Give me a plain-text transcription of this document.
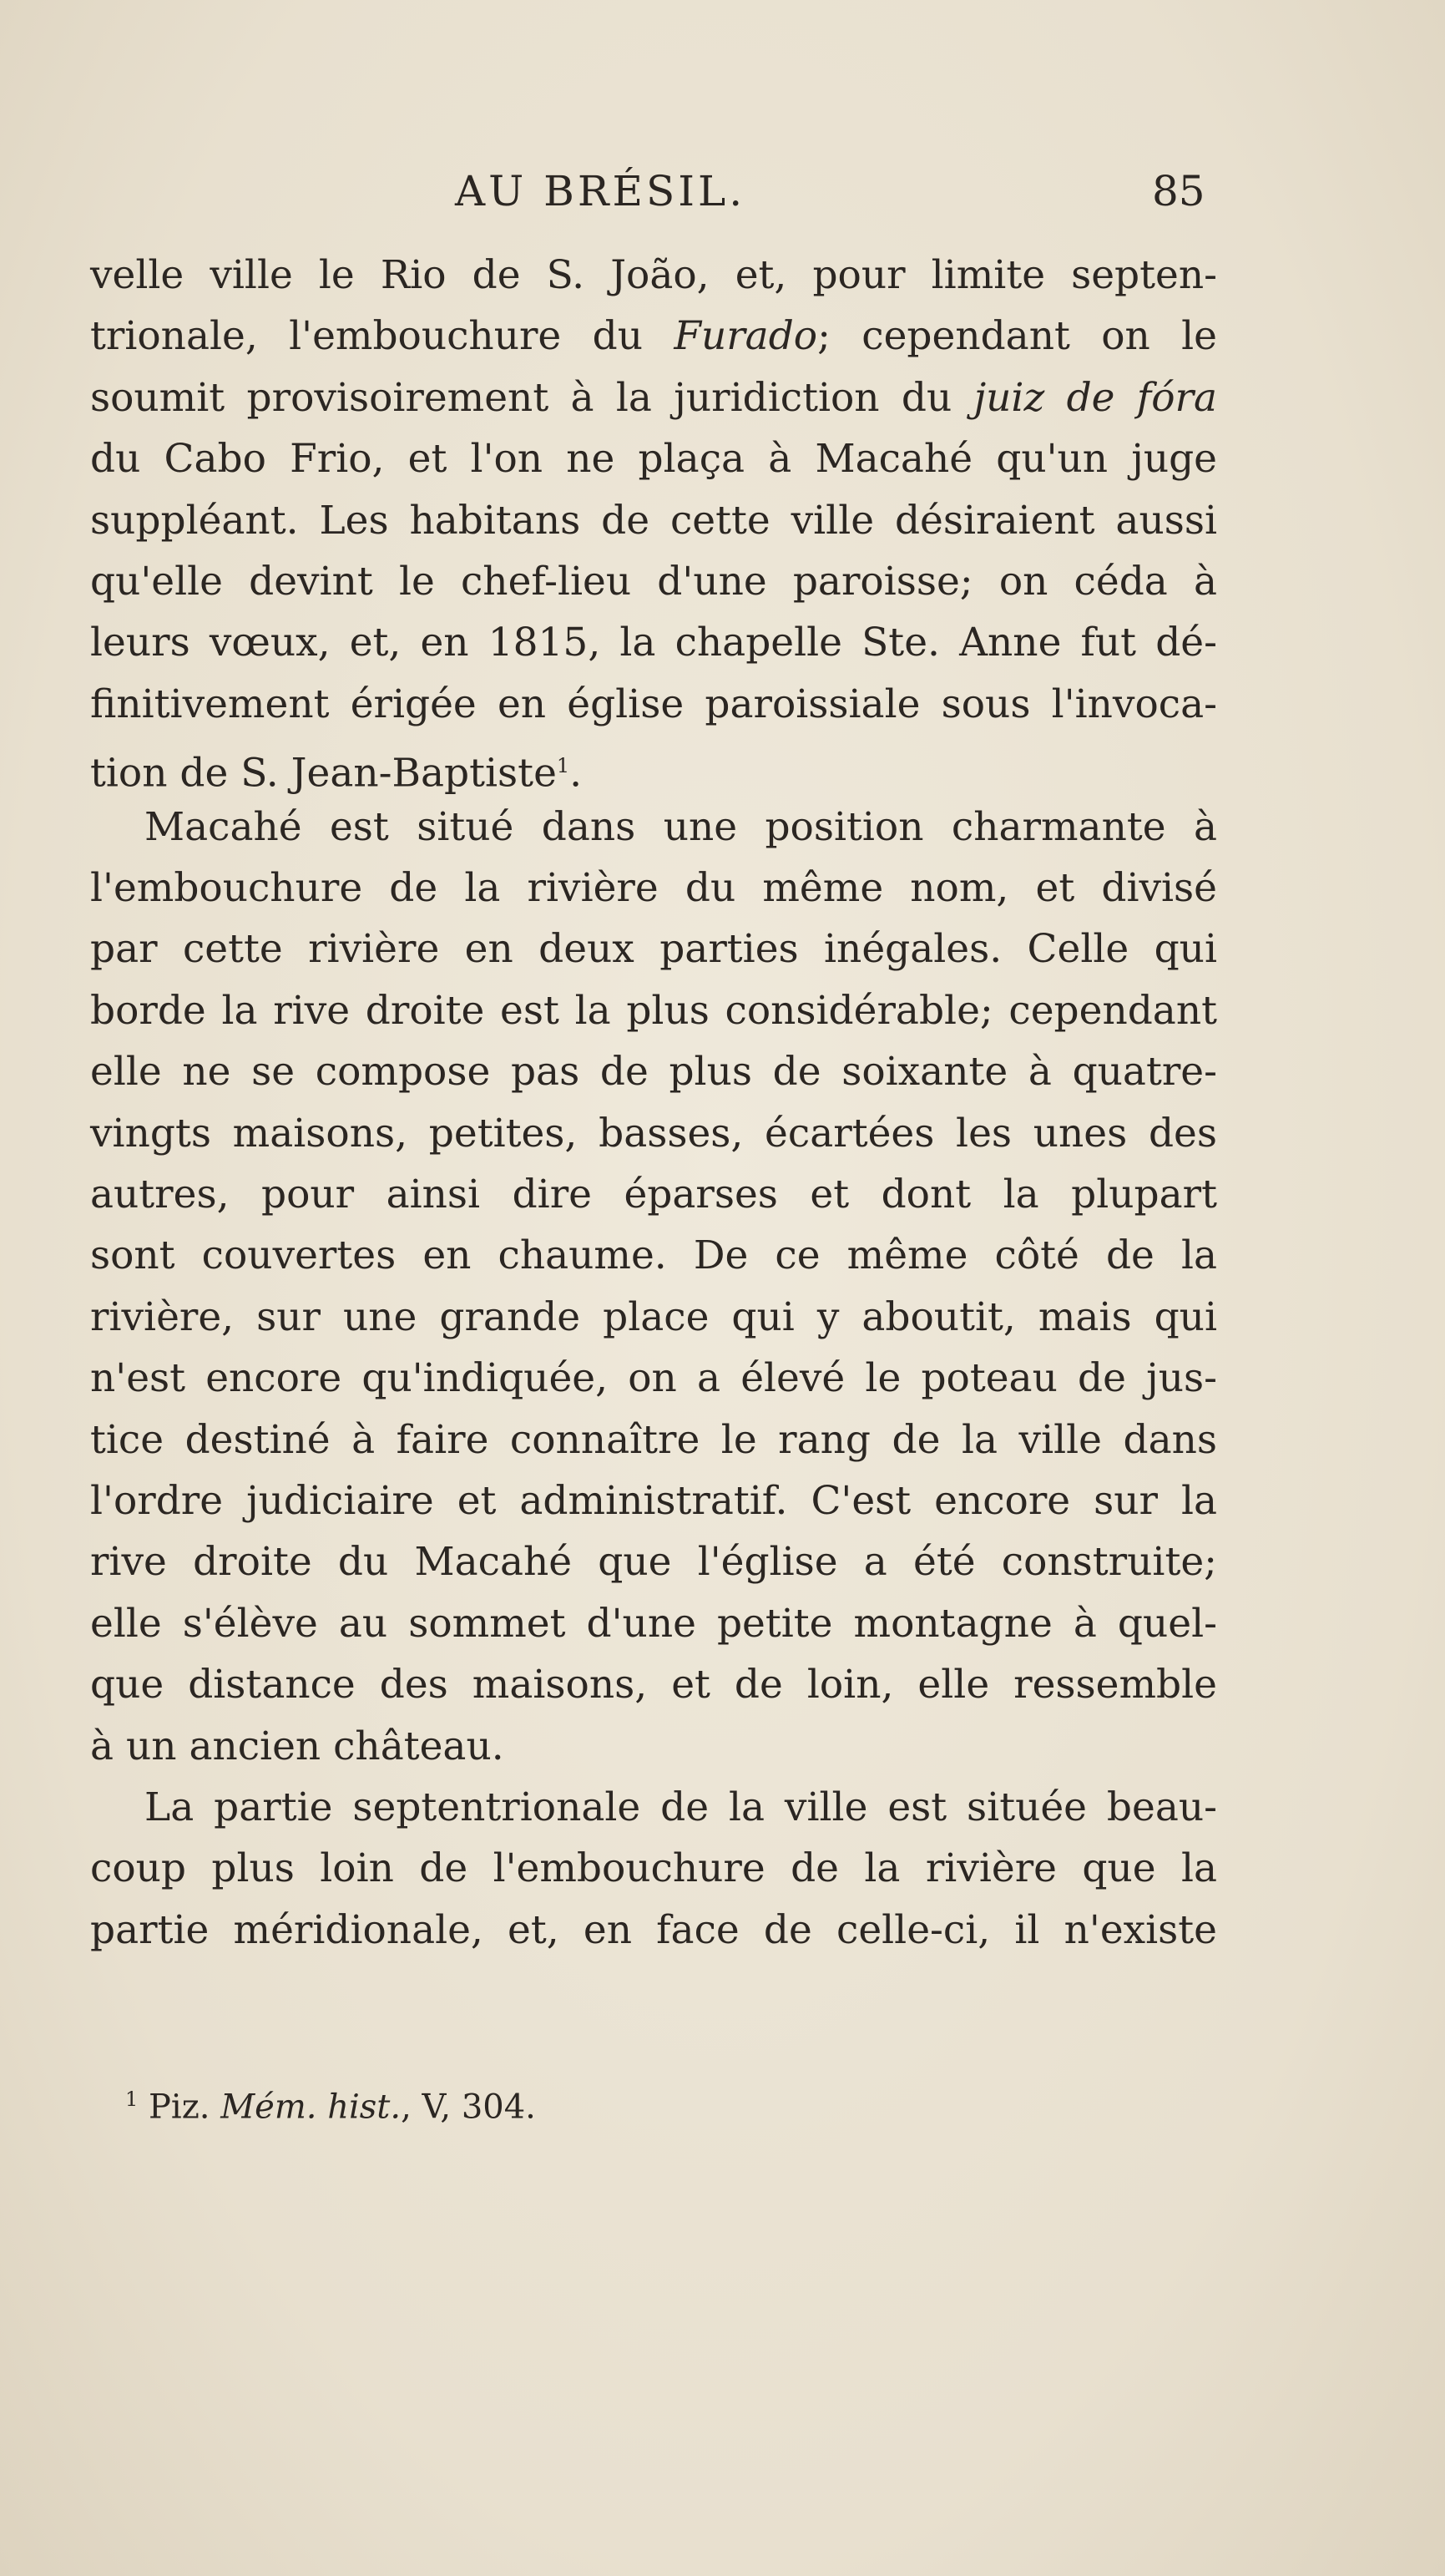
AU BRÉSIL.	85
velle ville le Rio de S. João, et, pour limite septen-
trionale, l'embouchure du Furado; cependant on le
soumit provisoirement à la juridiction du juiz de fóra
du Cabo Frio, et l'on ne plaça à Macahé qu'un juge
suppléant. Les habitans de cette ville désiraient aussi
qu'elle devint le chef-lieu d'une paroisse; on céda à
leurs vœux, et, en 1815, la chapelle Ste. Anne fut dé-
finitivement érigée en église paroissiale sous l'invoca-
tion de S. Jean-Baptiste$^1$.
Macahé est situé dans une position charmante à
l'embouchure de la rivière du même nom, et divisé
par cette rivière en deux parties inégales. Celle qui
borde la rive droite est la plus considérable; cependant
elle ne se compose pas de plus de soixante à quatre-
vingts maisons, petites, basses, écartées les unes des
autres, pour ainsi dire éparses et dont la plupart
sont couvertes en chaume. De ce même côté de la
rivière, sur une grande place qui y aboutit, mais qui
n'est encore qu'indiquée, on a élevé le poteau de jus-
tice destiné à faire connaître le rang de la ville dans
l'ordre judiciaire et administratif. C'est encore sur la
rive droite du Macahé que l'église a été construite;
elle s'élève au sommet d'une petite montagne à quel-
que distance des maisons, et de loin, elle ressemble
à un ancien château.
La partie septentrionale de la ville est située beau-
coup plus loin de l'embouchure de la rivière que la
partie méridionale, et, en face de celle-ci, il n'existe
$^1$ Piz. Mém. hist., V, 304.
